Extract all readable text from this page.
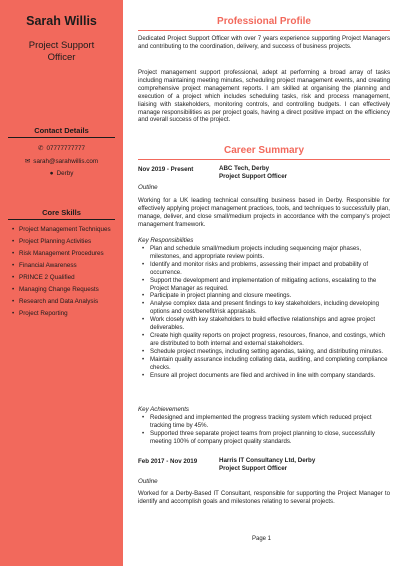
Sarah Willis
Project Support
Officer
Contact Details
✆ 07777777777
✉ sarah@sarahwillis.com
● Derby
Core Skills
• Project Management Techniques
• Project Planning Activities
• Risk Management Procedures
• Financial Awareness
• PRINCE 2 Qualified
• Managing Change Requests
• Research and Data Analysis
• Project Reporting
Professional Profile
Dedicated Project Support Officer with over 7 years experience supporting Project Managers and contributing to the coordination, delivery, and success of business projects.
Project management support professional, adept at performing a broad array of tasks including maintaining meeting minutes, scheduling project management events, and creating comprehensive project management reports. I am skilled at organising the planning and execution of a project which includes scheduling tasks, risk and process management, liaising with stakeholders, monitoring controls, and controlling budgets. I can effectively manage responsibilities as per project goals, having a direct positive impact on the efficiency and overall success of the project.
Career Summary
Nov 2019 - Present	ABC Tech, Derby
Project Support Officer
Outline
Working for a UK leading technical consulting business based in Derby. Responsible for effectively applying project management practices, tools, and techniques to successfully plan, manage, deliver, and close small/medium projects in accordance with the company's project management framework.
Key Responsibilities
• Plan and schedule small/medium projects including sequencing major phases, milestones, and appropriate review points.
• Identify and monitor risks and problems, assessing their impact and probability of occurrence.
• Support the development and implementation of mitigating actions, escalating to the Project Manager as required.
• Participate in project planning and closure meetings.
• Analyse complex data and present findings to key stakeholders, including developing options and cost/benefit/risk appraisals.
• Work closely with key stakeholders to build effective relationships and agree project deliverables.
• Create high quality reports on project progress, resources, finance, and costings, which are distributed to both internal and external stakeholders.
• Schedule project meetings, including setting agendas, taking, and distributing minutes.
• Maintain quality assurance including collating data, auditing, and completing compliance checks.
• Ensure all project documents are filed and archived in line with company standards.
Key Achievements
• Redesigned and implemented the progress tracking system which reduced project tracking time by 45%.
• Supported three separate project teams from project planning to close, successfully meeting 100% of company project quality standards.
Feb 2017 - Nov 2019	Harris IT Consultancy Ltd, Derby
Project Support Officer
Outline
Worked for a Derby-Based IT Consultant, responsible for supporting the Project Manager to identify and accomplish goals and milestones relating to several projects.
Page 1
